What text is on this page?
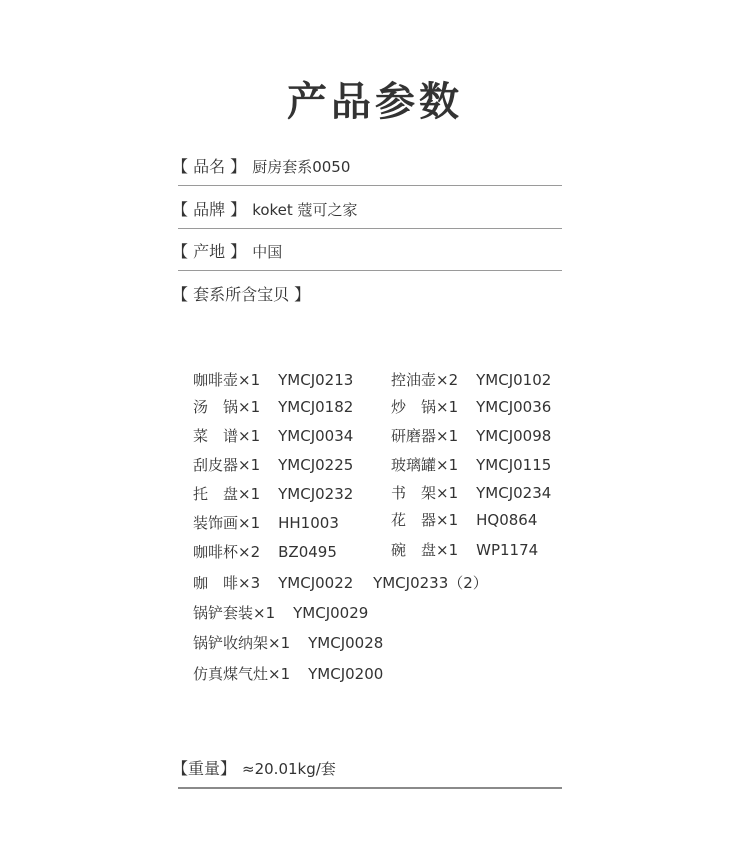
产品参数
【 品名 】 厨房套系0050
【 品牌 】 koket 蔻可之家
【 产地 】 中国
【 套系所含宝贝 】
咖啡壶×1 YMCJ0213	控油壶×2 YMCJ0102
汤　锅×1 YMCJ0182	炒　锅×1 YMCJ0036
菜　谱×1 YMCJ0034	研磨器×1 YMCJ0098
刮皮器×1 YMCJ0225	玻璃罐×1 YMCJ0115
托　盘×1 YMCJ0232	书　架×1 YMCJ0234
装饰画×1 HH1003	花　器×1 HQ0864
咖啡杯×2 BZ0495	碗　盘×1 WP1174
咖　啡×3 YMCJ0022　 YMCJ0233（2）
锅铲套装×1 YMCJ0029
锅铲收纳架×1 YMCJ0028
仿真煤气灶×1 YMCJ0200
【重量】 ≈20.01kg/套
